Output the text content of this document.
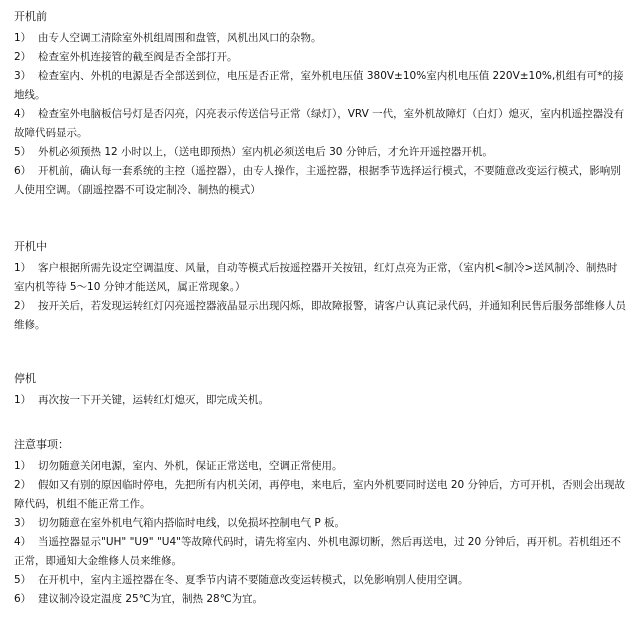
开机前

1） 由专人空调工清除室外机组周围和盘管，风机出风口的杂物。

2） 检查室外机连接管的截至阀是否全部打开。

3） 检查室内、外机的电源是否全部送到位，电压是否正常，室外机电压值 380V±10%室内机电压值 220V±10%,机组有可*的接地线。

4） 检查室外电脑板信号灯是否闪亮，闪亮表示传送信号正常（绿灯），VRV 一代，室外机故障灯（白灯）熄灭，室内机遥控器没有故障代码显示。

5） 外机必须预热 12 小时以上，（送电即预热）室内机必须送电后 30 分钟后，才允许开遥控器开机。

6） 开机前，确认每一套系统的主控（遥控器），由专人操作，主遥控器，根据季节选择运行模式，不要随意改变运行模式，影响别人使用空调。（副遥控器不可设定制冷、制热的模式）

开机中

1） 客户根据所需先设定空调温度、风量，自动等模式后按遥控器开关按钮，红灯点亮为正常，（室内机<制冷>送风制冷、制热时室内机等待 5～10 分钟才能送风，属正常现象。）

2） 按开关后，若发现运转红灯闪亮遥控器液晶显示出现闪烁，即故障报警，请客户认真记录代码，并通知利民售后服务部维修人员维修。

停机

1） 再次按一下开关键，运转红灯熄灭，即完成关机。

注意事项：

1） 切勿随意关闭电源，室内、外机，保证正常送电，空调正常使用。

2） 假如又有别的原因临时停电，先把所有内机关闭，再停电，来电后，室内外机要同时送电 20 分钟后，方可开机，否则会出现故障代码，机组不能正常工作。

3） 切勿随意在室外机电气箱内搭临时电线，以免损坏控制电气 P 板。

4） 当遥控器显示"UH" "U9" "U4"等故障代码时，请先将室内、外机电源切断，然后再送电，过 20 分钟后，再开机。若机组还不正常，即通知大金维修人员来维修。

5） 在开机中，室内主遥控器在冬、夏季节内请不要随意改变运转模式，以免影响别人使用空调。

6） 建议制冷设定温度 25℃为宜，制热 28℃为宜。
